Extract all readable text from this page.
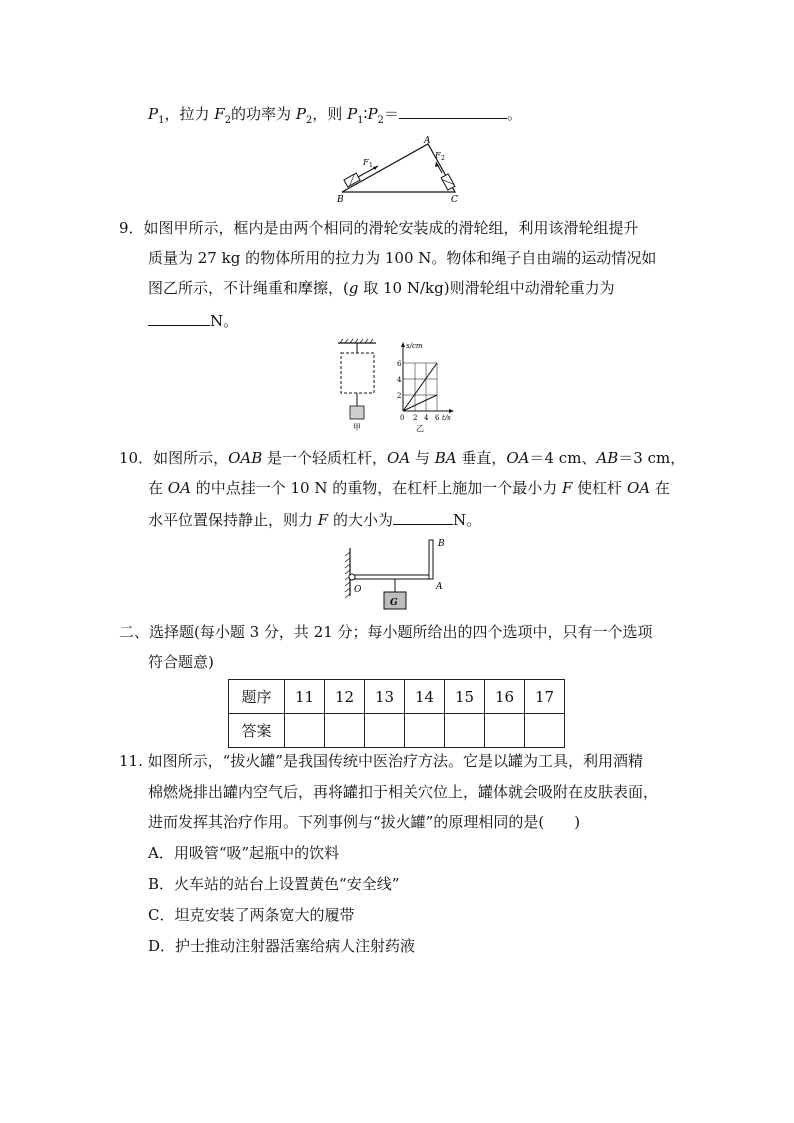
$P_1$，拉力 $F_2$的功率为 $P_2$，则 $P_1∶P_2=$	。
A
B	C
F 1
F 2
9．如图甲所示，框内是由两个相同的滑轮安装成的滑轮组，利用该滑轮组提升
质量为 27 kg 的物体所用的拉力为 100 N。物体和绳子自由端的运动情况如
图乙所示，不计绳重和摩擦，(g 取 10 N/kg)则滑轮组中动滑轮重力为
N。
甲
s/cm
6
4
2
0 2 4 6 t/s
乙
10．如图所示，OAB 是一个轻质杠杆，OA 与 BA 垂直，OA＝4 cm、AB＝3 cm，
在 OA 的中点挂一个 10 N 的重物，在杠杆上施加一个最小力 F 使杠杆 OA 在
水平位置保持静止，则力 F 的大小为	N。
G
O	A
B
二、选择题(每小题 3 分，共 21 分；每小题所给出的四个选项中，只有一个选项
符合题意)
题序	11	12	13	14	15	16	17
答案							
11. 如图所示，“拔火罐”是我国传统中医治疗方法。它是以罐为工具，利用酒精
棉燃烧排出罐内空气后，再将罐扣于相关穴位上，罐体就会吸附在皮肤表面，
进而发挥其治疗作用。下列事例与“拔火罐”的原理相同的是(　　)
A．用吸管“吸”起瓶中的饮料
B．火车站的站台上设置黄色“安全线”
C．坦克安装了两条宽大的履带
D．护士推动注射器活塞给病人注射药液
